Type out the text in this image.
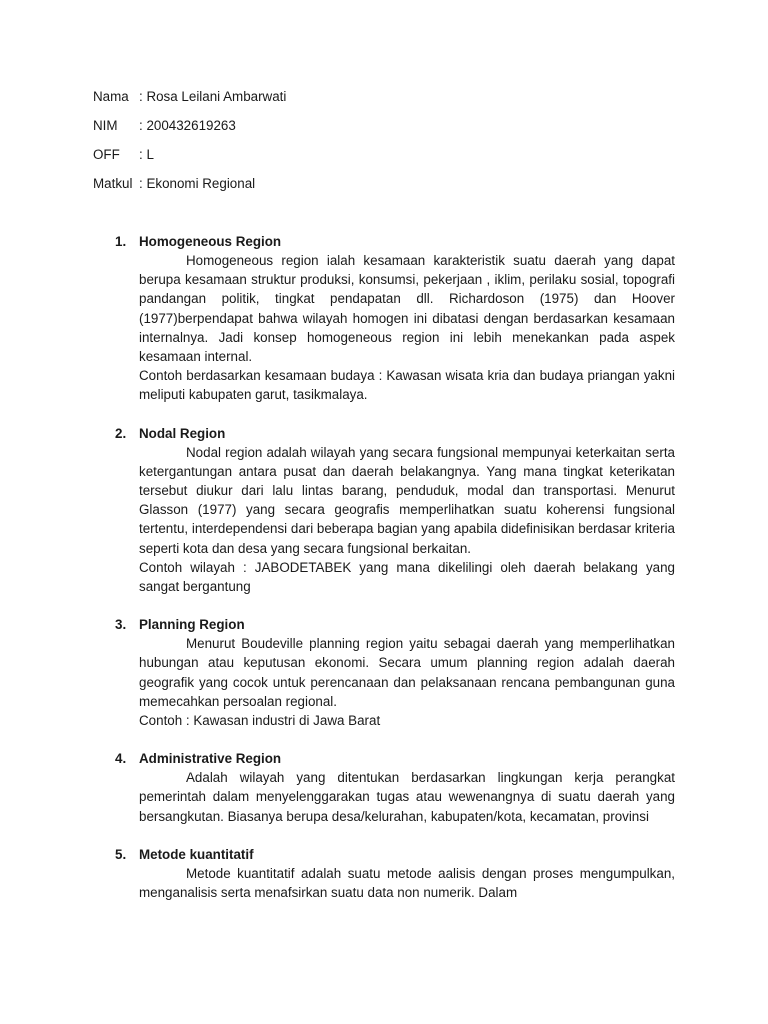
Nama : Rosa Leilani Ambarwati
NIM : 200432619263
OFF : L
Matkul : Ekonomi Regional
1. Homogeneous Region

Homogeneous region ialah kesamaan karakteristik suatu daerah yang dapat berupa kesamaan struktur produksi, konsumsi, pekerjaan , iklim, perilaku sosial, topografi pandangan politik, tingkat pendapatan dll. Richardoson (1975) dan Hoover (1977)berpendapat bahwa wilayah homogen ini dibatasi dengan berdasarkan kesamaan internalnya. Jadi konsep homogeneous region ini lebih menekankan pada aspek kesamaan internal.

Contoh berdasarkan kesamaan budaya : Kawasan wisata kria dan budaya priangan yakni meliputi kabupaten garut, tasikmalaya.

2. Nodal Region

Nodal region adalah wilayah yang secara fungsional mempunyai keterkaitan serta ketergantungan antara pusat dan daerah belakangnya. Yang mana tingkat keterikatan tersebut diukur dari lalu lintas barang, penduduk, modal dan transportasi. Menurut Glasson (1977) yang secara geografis memperlihatkan suatu koherensi fungsional tertentu, interdependensi dari beberapa bagian yang apabila didefinisikan berdasar kriteria seperti kota dan desa yang secara fungsional berkaitan.

Contoh wilayah : JABODETABEK yang mana dikelilingi oleh daerah belakang yang sangat bergantung

3. Planning Region

Menurut Boudeville planning region yaitu sebagai daerah yang memperlihatkan hubungan atau keputusan ekonomi. Secara umum planning region adalah daerah geografik yang cocok untuk perencanaan dan pelaksanaan rencana pembangunan guna memecahkan persoalan regional.

Contoh : Kawasan industri di Jawa Barat

4. Administrative Region

Adalah wilayah yang ditentukan berdasarkan lingkungan kerja perangkat pemerintah dalam menyelenggarakan tugas atau wewenangnya di suatu daerah yang bersangkutan. Biasanya berupa desa/kelurahan, kabupaten/kota, kecamatan, provinsi

5. Metode kuantitatif

Metode kuantitatif adalah suatu metode aalisis dengan proses mengumpulkan, menganalisis serta menafsirkan suatu data non numerik. Dalam
